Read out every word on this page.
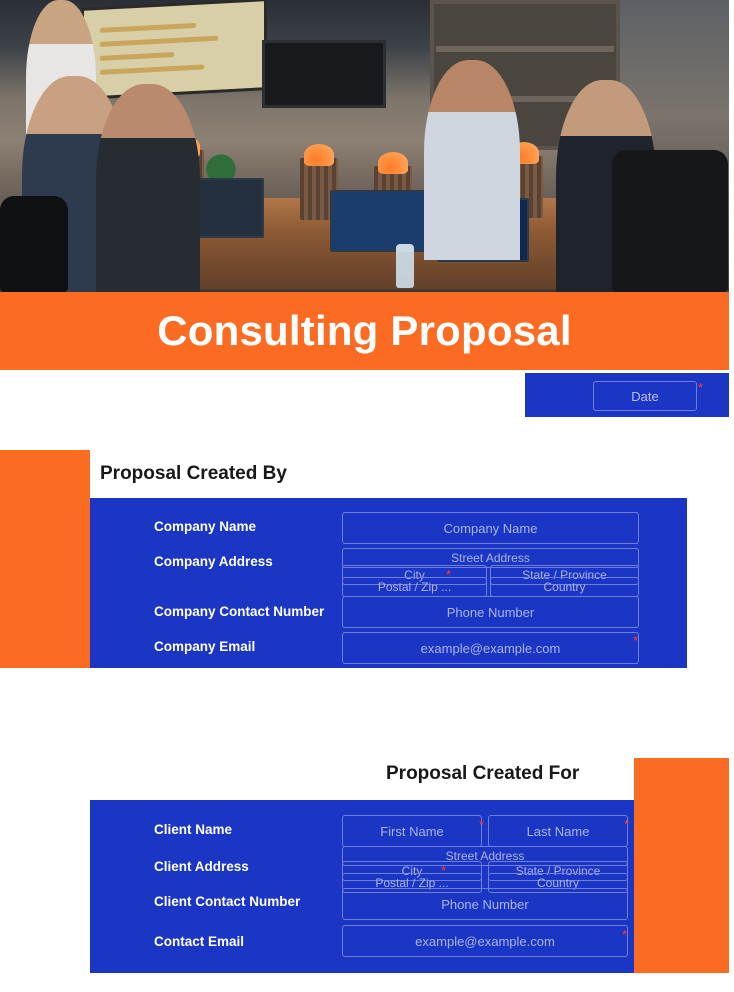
Consulting Proposal
Date
*
Proposal Created By
Company Name	Company Name
Company Address	Street Address
City *	State / Province
Postal / Zip ...	Country
Company Contact Number	Phone Number
Company Email	example@example.com	*
Proposal Created For
Client Name	First Name	*	Last Name	*
Client Address
Street Address
City *	State / Province
Postal / Zip ...	Country
Client Contact Number	Phone Number
Contact Email	example@example.com	*
